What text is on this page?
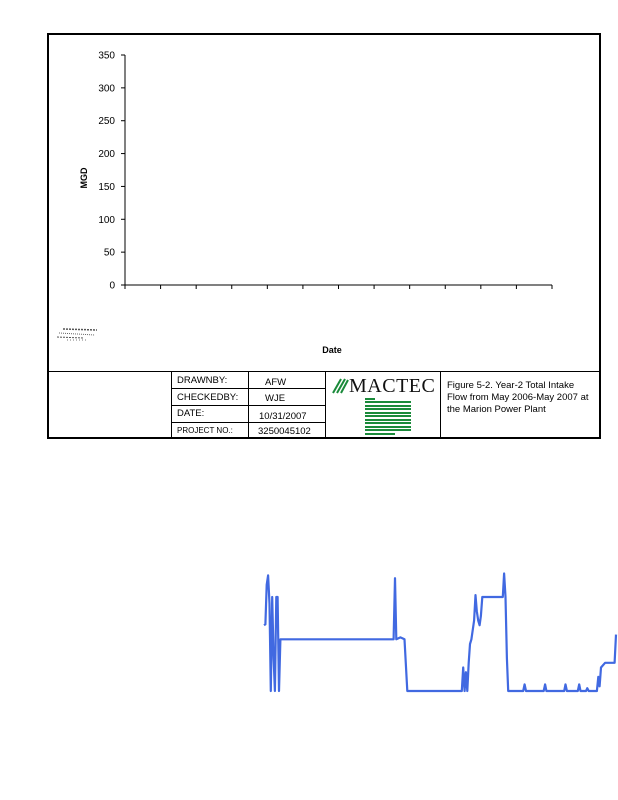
0
50
100
150
200
250
300
350
MGD
Date
DRAWNBY:	AFW
CHECKEDBY:	WJE
DATE:	10/31/2007
PROJECT NO.:	3250045102
MACTEC Figure 5-2. Year-2 Total Intake Flow from May 2006-May 2007 at the Marion Power Plant
